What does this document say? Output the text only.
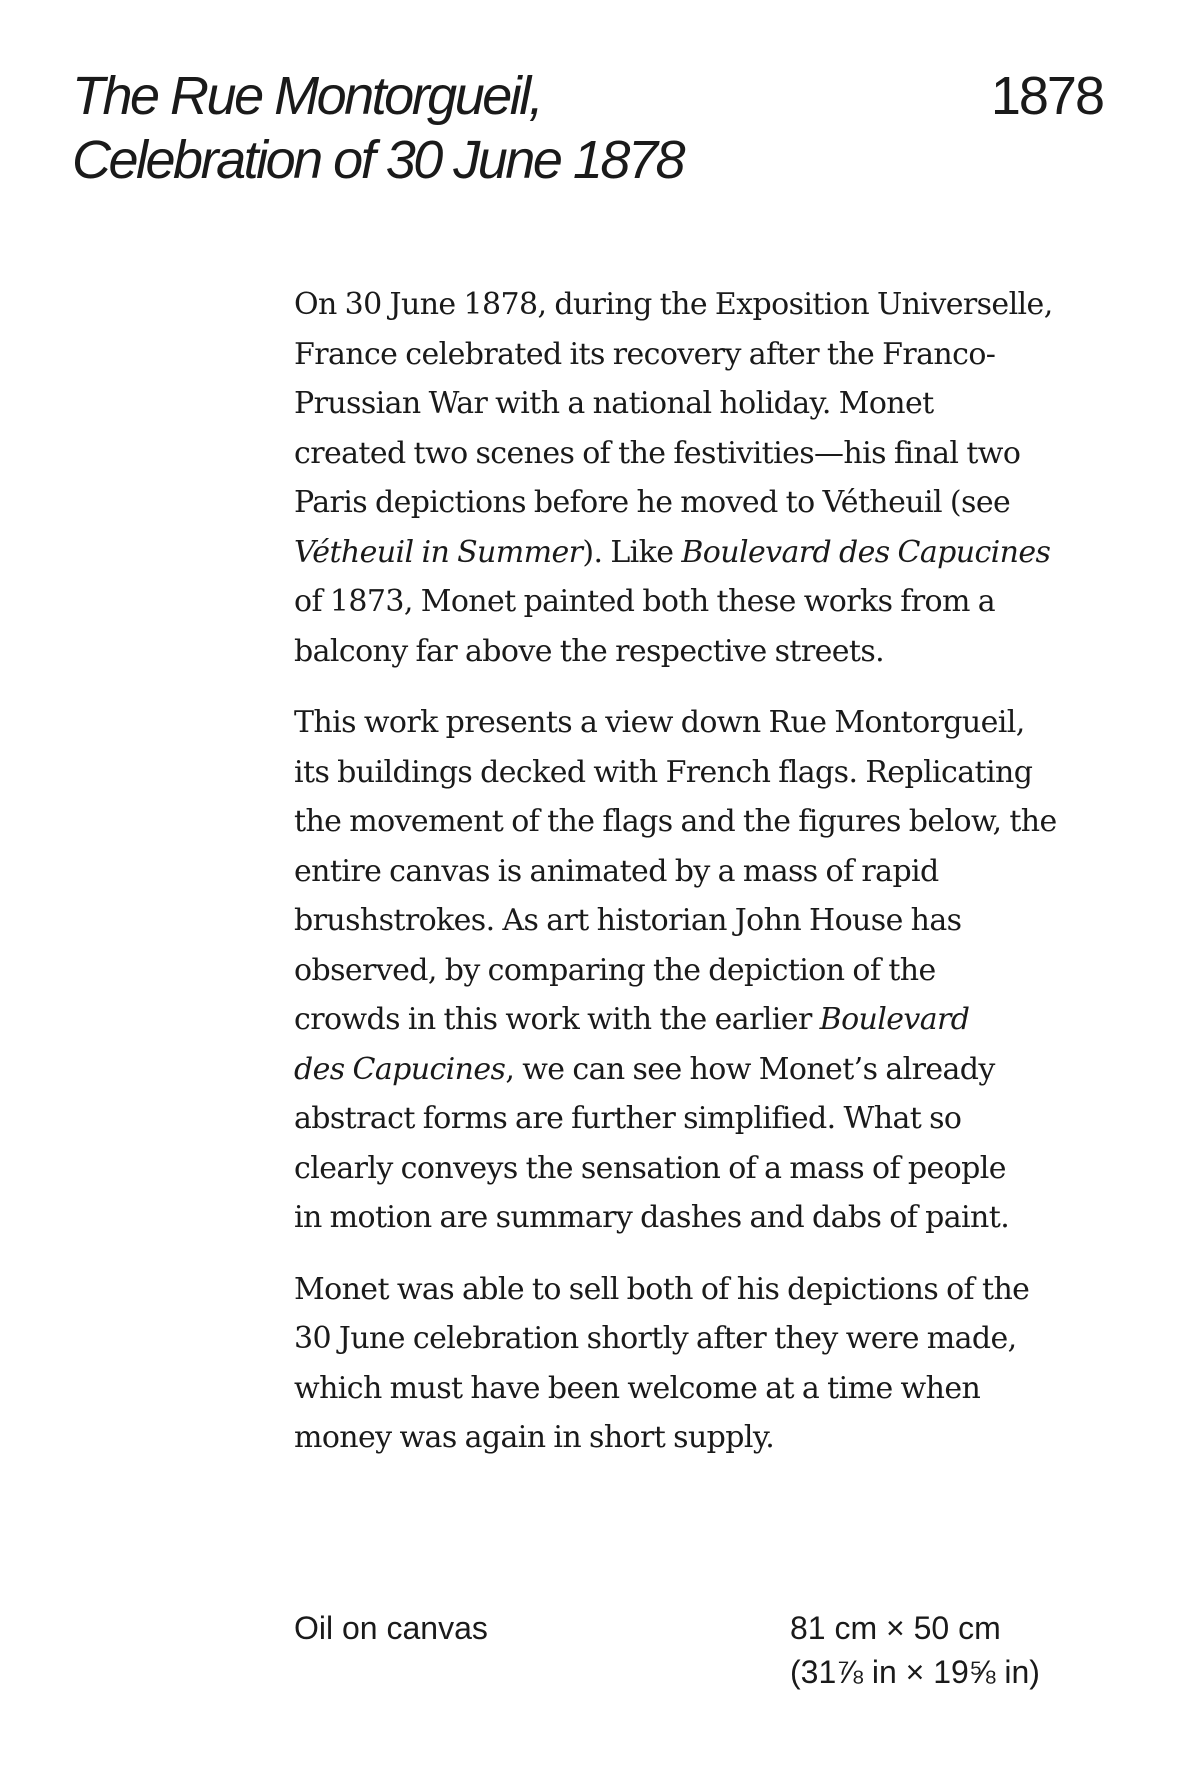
The Rue Montorgueil,
Celebration of 30 June 1878
1878

On 30 June 1878, during the Exposition Universelle,
France celebrated its recovery after the Franco-
Prussian War with a national holiday. Monet
created two scenes of the festivities—his final two
Paris depictions before he moved to Vétheuil (see
Vétheuil in Summer). Like Boulevard des Capucines
of 1873, Monet painted both these works from a
balcony far above the respective streets.

This work presents a view down Rue Montorgueil,
its buildings decked with French flags. Replicating
the movement of the flags and the figures below, the
entire canvas is animated by a mass of rapid
brushstrokes. As art historian John House has
observed, by comparing the depiction of the
crowds in this work with the earlier Boulevard
des Capucines, we can see how Monet’s already
abstract forms are further simplified. What so
clearly conveys the sensation of a mass of people
in motion are summary dashes and dabs of paint.

Monet was able to sell both of his depictions of the
30 June celebration shortly after they were made,
which must have been welcome at a time when
money was again in short supply.

Oil on canvas	81 cm × 50 cm
(31⅞ in × 19⅝ in)
